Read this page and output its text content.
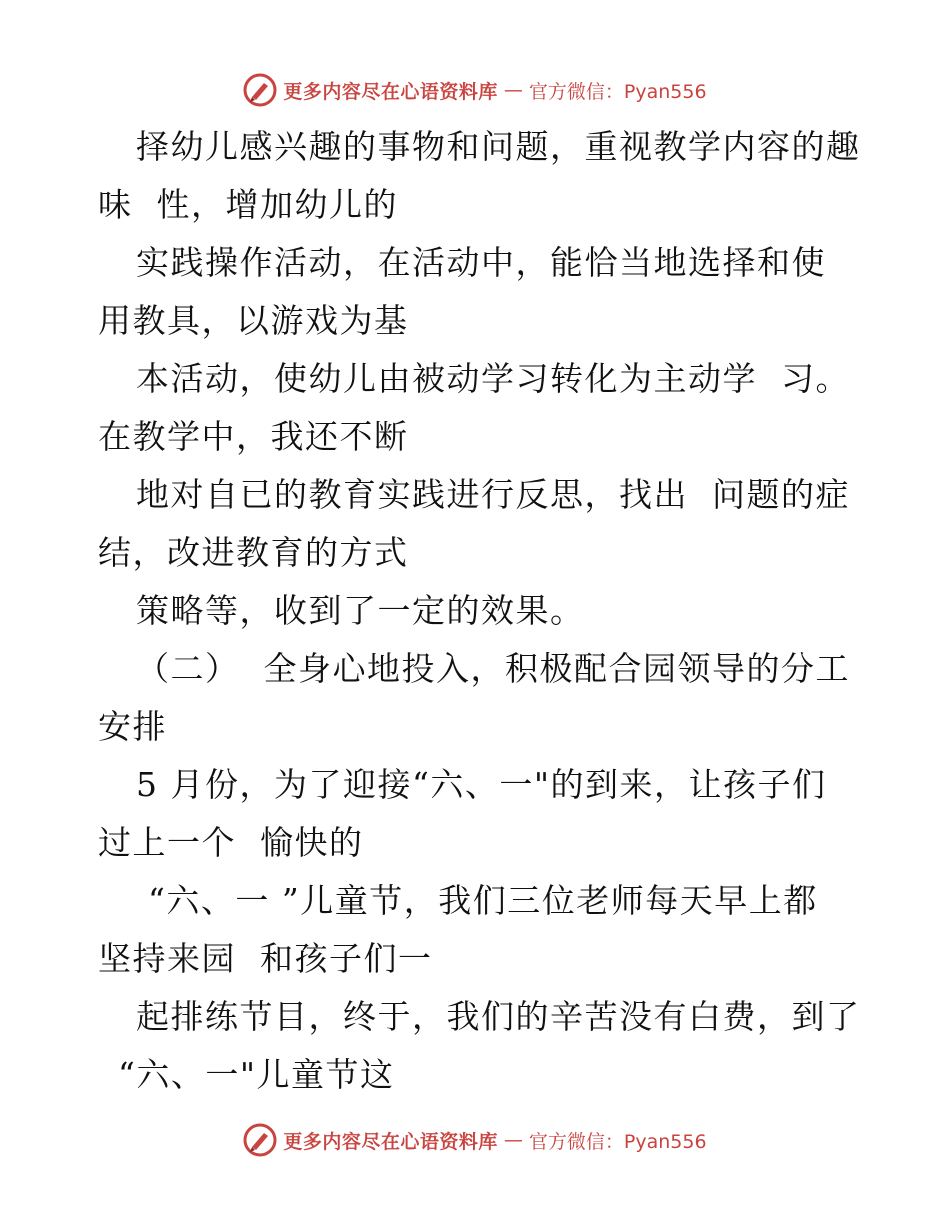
更多内容尽在心语资料库 — 官方微信：Pyan556
择幼儿感兴趣的事物和问题，重视教学内容的趣
味  性，增加幼儿的
实践操作活动，在活动中，能恰当地选择和使
用教具，以游戏为基
本活动，使幼儿由被动学习转化为主动学  习。
在教学中，我还不断
地对自已的教育实践进行反思，找出  问题的症
结，改进教育的方式
策略等，收到了一定的效果。
（二）  全身心地投入，积极配合园领导的分工
安排
5 月份，为了迎接“六、一"的到来，让孩子们
过上一个  愉快的
“六、一 ”儿童节，我们三位老师每天早上都
坚持来园  和孩子们一
起排练节目，终于，我们的辛苦没有白费，到了
“六、一"儿童节这
更多内容尽在心语资料库 — 官方微信：Pyan556
